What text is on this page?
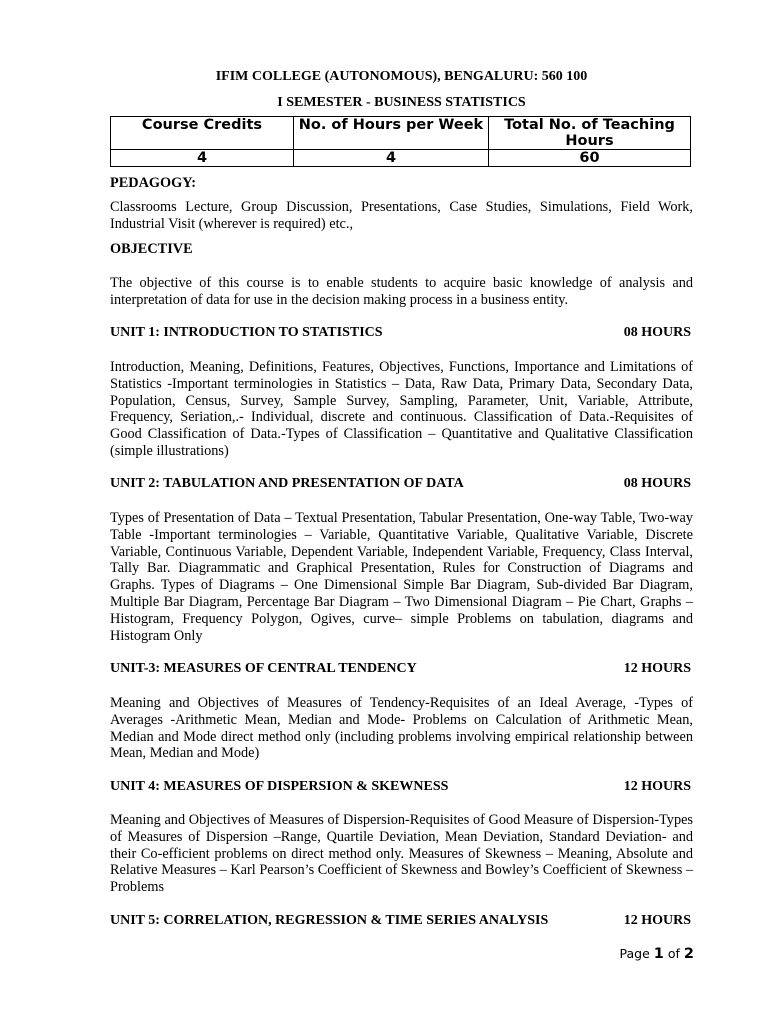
IFIM COLLEGE (AUTONOMOUS), BENGALURU: 560 100
I SEMESTER - BUSINESS STATISTICS
Course Credits	No. of Hours per Week	Total No. of Teaching Hours
4	4	60
PEDAGOGY:
Classrooms Lecture, Group Discussion, Presentations, Case Studies, Simulations, Field Work, Industrial Visit (wherever is required) etc.,
OBJECTIVE
The objective of this course is to enable students to acquire basic knowledge of analysis and interpretation of data for use in the decision making process in a business entity.
UNIT 1: INTRODUCTION TO STATISTICS	08 HOURS
Introduction, Meaning, Definitions, Features, Objectives, Functions, Importance and Limitations of Statistics -Important terminologies in Statistics – Data, Raw Data, Primary Data, Secondary Data, Population, Census, Survey, Sample Survey, Sampling, Parameter, Unit, Variable, Attribute, Frequency, Seriation,.- Individual, discrete and continuous. Classification of Data.-Requisites of Good Classification of Data.-Types of Classification – Quantitative and Qualitative Classification (simple illustrations)
UNIT 2: TABULATION AND PRESENTATION OF DATA	08 HOURS
Types of Presentation of Data – Textual Presentation, Tabular Presentation, One-way Table, Two-way Table -Important terminologies – Variable, Quantitative Variable, Qualitative Variable, Discrete Variable, Continuous Variable, Dependent Variable, Independent Variable, Frequency, Class Interval, Tally Bar. Diagrammatic and Graphical Presentation, Rules for Construction of Diagrams and Graphs. Types of Diagrams – One Dimensional Simple Bar Diagram, Sub-divided Bar Diagram, Multiple Bar Diagram, Percentage Bar Diagram – Two Dimensional Diagram – Pie Chart, Graphs – Histogram, Frequency Polygon, Ogives, curve– simple Problems on tabulation, diagrams and Histogram Only
UNIT-3: MEASURES OF CENTRAL TENDENCY	12 HOURS
Meaning and Objectives of Measures of Tendency-Requisites of an Ideal Average, -Types of Averages -Arithmetic Mean, Median and Mode- Problems on Calculation of Arithmetic Mean, Median and Mode direct method only (including problems involving empirical relationship between Mean, Median and Mode)
UNIT 4: MEASURES OF DISPERSION & SKEWNESS	12 HOURS
Meaning and Objectives of Measures of Dispersion-Requisites of Good Measure of Dispersion-Types of Measures of Dispersion –Range, Quartile Deviation, Mean Deviation, Standard Deviation- and their Co-efficient problems on direct method only. Measures of Skewness – Meaning, Absolute and Relative Measures – Karl Pearson’s Coefficient of Skewness and Bowley’s Coefficient of Skewness – Problems
UNIT 5: CORRELATION, REGRESSION & TIME SERIES ANALYSIS	12 HOURS
Page 1 of 2
